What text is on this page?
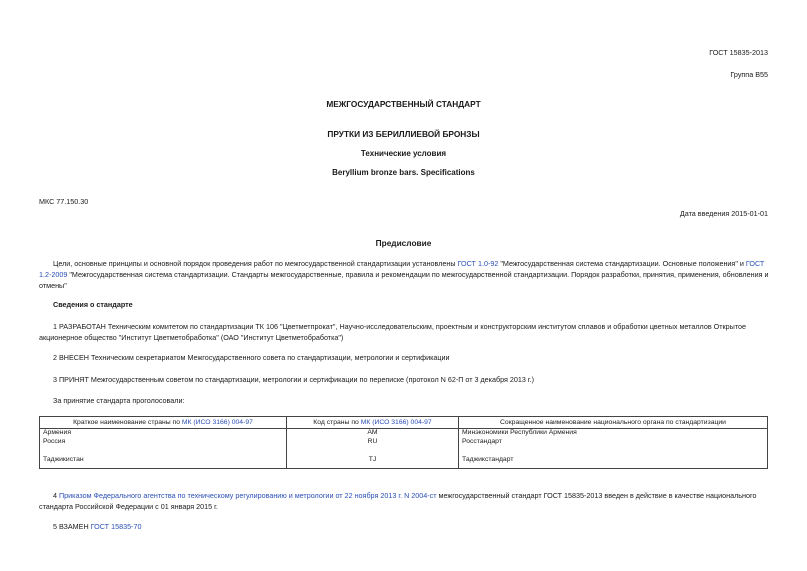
ГОСТ 15835-2013
Группа В55
МЕЖГОСУДАРСТВЕННЫЙ СТАНДАРТ
ПРУТКИ ИЗ БЕРИЛЛИЕВОЙ БРОНЗЫ
Технические условия
Beryllium bronze bars. Specifications
МКС 77.150.30
Дата введения 2015-01-01
Предисловие
Цели, основные принципы и основной порядок проведения работ по межгосударственной стандартизации установлены ГОСТ 1.0-92 "Межгосударственная система стандартизации. Основные положения" и ГОСТ 1.2-2009 "Межгосударственная система стандартизации. Стандарты межгосударственные, правила и рекомендации по межгосударственной стандартизации. Порядок разработки, принятия, применения, обновления и отмены"
Сведения о стандарте
1 РАЗРАБОТАН Техническим комитетом по стандартизации ТК 106 "Цветметпрокат", Научно-исследовательским, проектным и конструкторским институтом сплавов и обработки цветных металлов Открытое акционерное общество "Институт Цветметобработка" (ОАО "Институт Цветметобработка")
2 ВНЕСЕН Техническим секретариатом Межгосударственного совета по стандартизации, метрологии и сертификации
3 ПРИНЯТ Межгосударственным советом по стандартизации, метрологии и сертификации по переписке (протокол N 62-П от 3 декабря 2013 г.)
За принятие стандарта проголосовали:
Краткое наименование страны по МК (ИСО 3166) 004-97	Код страны по МК (ИСО 3166) 004-97	Сокращенное наименование национального органа по стандартизации
Армения	AM	Минэкономики Республики Армения
Россия	RU	Росстандарт

Таджикистан	TJ	Таджикстандарт
4 Приказом Федерального агентства по техническому регулированию и метрологии от 22 ноября 2013 г. N 2004-ст межгосударственный стандарт ГОСТ 15835-2013 введен в действие в качестве национального стандарта Российской Федерации с 01 января 2015 г.
5 ВЗАМЕН ГОСТ 15835-70
